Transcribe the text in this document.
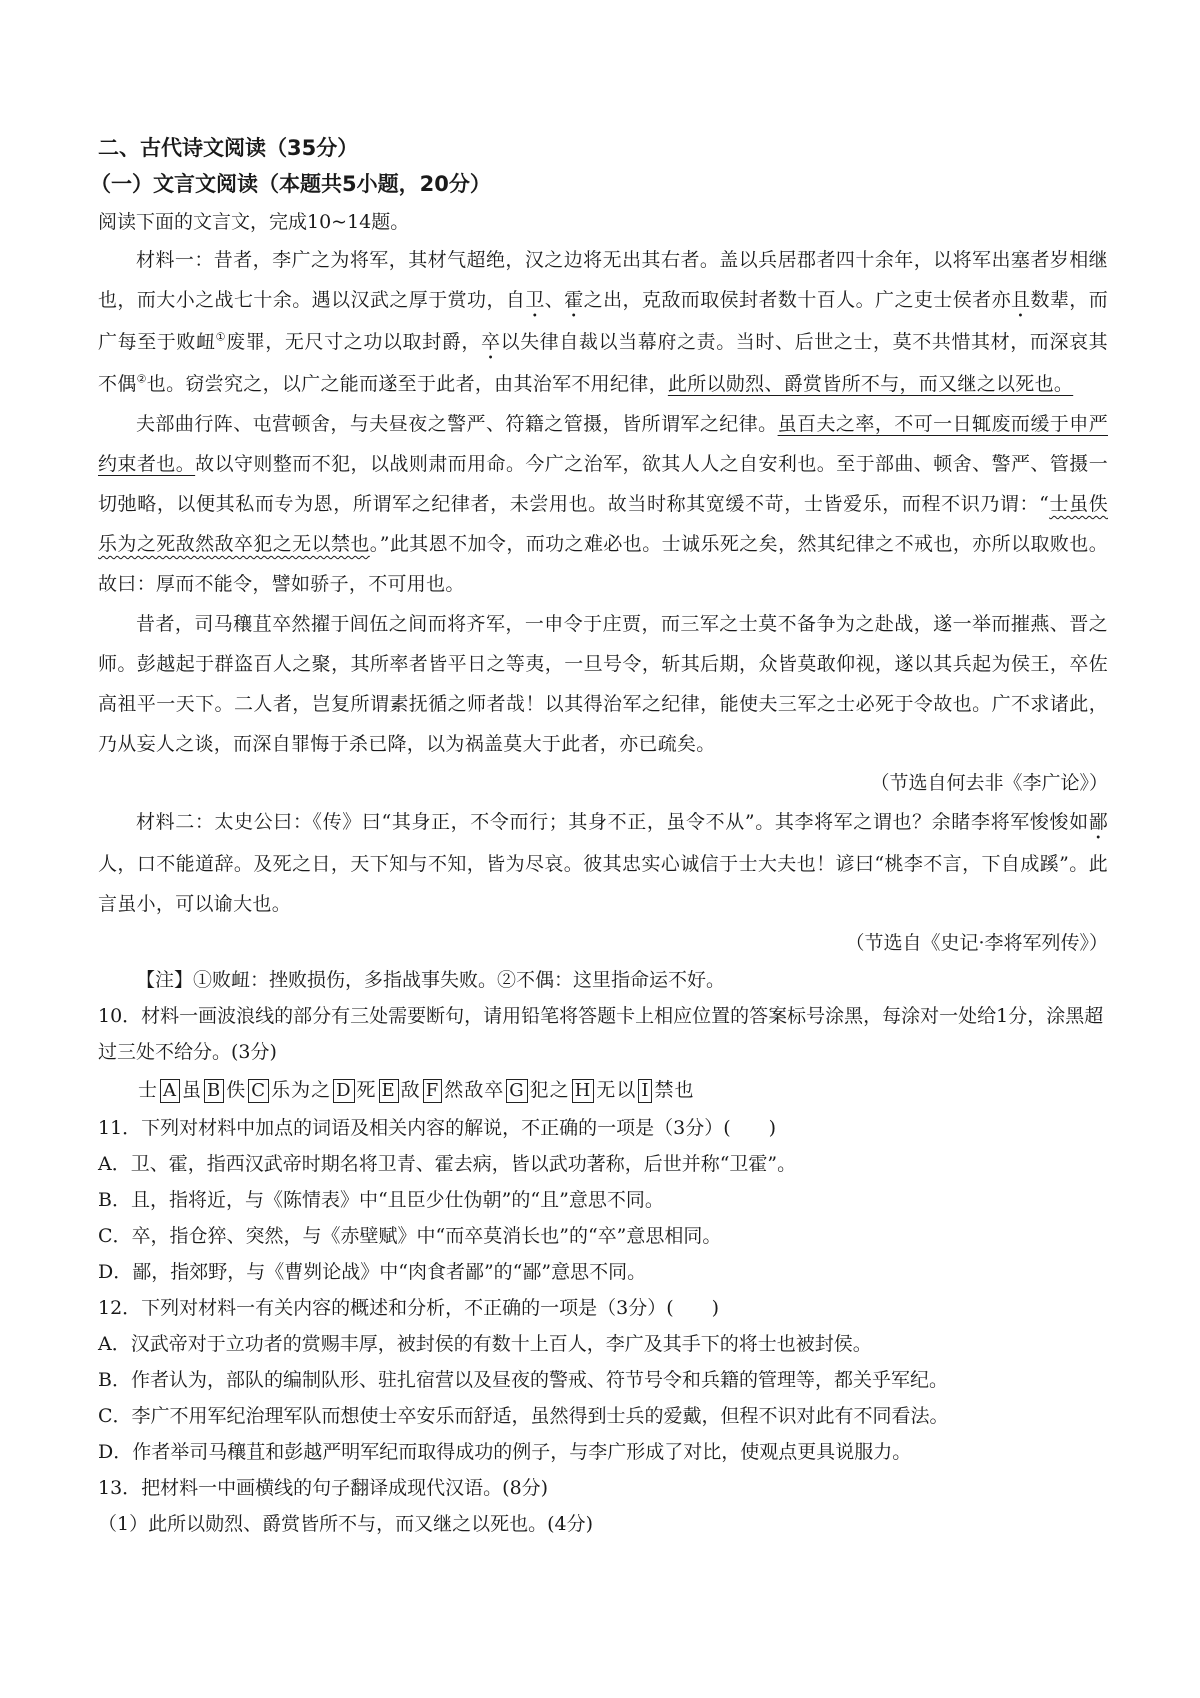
二、古代诗文阅读（35分）
（一）文言文阅读（本题共5小题，20分）

阅读下面的文言文，完成10~14题。

材料一：昔者，李广之为将军，其材气超绝，汉之边将无出其右者。盖以兵居郡者四十余年，以将军出塞者岁相继也，而大小之战七十余。遇以汉武之厚于赏功，自卫、霍之出，克敌而取侯封者数十百人。广之吏士侯者亦且数辈，而广每至于败衄①废罪，无尺寸之功以取封爵，卒以失律自裁以当幕府之责。当时、后世之士，莫不共惜其材，而深哀其不偶②也。窃尝究之，以广之能而遂至于此者，由其治军不用纪律，此所以勋烈、爵赏皆所不与，而又继之以死也。

夫部曲行阵、屯营顿舍，与夫昼夜之警严、符籍之管摄，皆所谓军之纪律。虽百夫之率，不可一日辄废而缓于申严约束者也。故以守则整而不犯，以战则肃而用命。今广之治军，欲其人人之自安利也。至于部曲、顿舍、警严、管摄一切弛略，以便其私而专为恩，所谓军之纪律者，未尝用也。故当时称其宽缓不苛，士皆爱乐，而程不识乃谓：“士虽佚乐为之死敌然敌卒犯之无以禁也。”此其恩不加令，而功之难必也。士诚乐死之矣，然其纪律之不戒也，亦所以取败也。故曰：厚而不能令，譬如骄子，不可用也。

昔者，司马穰苴卒然擢于闾伍之间而将齐军，一申令于庄贾，而三军之士莫不备争为之赴战，遂一举而摧燕、晋之师。彭越起于群盗百人之聚，其所率者皆平日之等夷，一旦号令，斩其后期，众皆莫敢仰视，遂以其兵起为侯王，卒佐高祖平一天下。二人者，岂复所谓素抚循之师者哉！以其得治军之纪律，能使夫三军之士必死于令故也。广不求诸此，乃从妄人之谈，而深自罪悔于杀已降，以为祸盖莫大于此者，亦已疏矣。

（节选自何去非《李广论》）

材料二：太史公曰：《传》曰“其身正，不令而行；其身不正，虽令不从”。其李将军之谓也？余睹李将军悛悛如鄙人，口不能道辞。及死之日，天下知与不知，皆为尽哀。彼其忠实心诚信于士大夫也！谚曰“桃李不言，下自成蹊”。此言虽小，可以谕大也。

（节选自《史记·李将军列传》）

【注】①败衄：挫败损伤，多指战事失败。②不偶：这里指命运不好。

10．材料一画波浪线的部分有三处需要断句，请用铅笔将答题卡上相应位置的答案标号涂黑，每涂对一处给1分，涂黑超过三处不给分。(3分)

士 A 虽 B 佚 C 乐为之 D 死 E 敌 F 然敌卒 G 犯之 H 无以 I 禁也

11．下列对材料中加点的词语及相关内容的解说，不正确的一项是（3分）(　　)

A．卫、霍，指西汉武帝时期名将卫青、霍去病，皆以武功著称，后世并称“卫霍”。

B．且，指将近，与《陈情表》中“且臣少仕伪朝”的“且”意思不同。

C．卒，指仓猝、突然，与《赤壁赋》中“而卒莫消长也”的“卒”意思相同。

D．鄙，指郊野，与《曹刿论战》中“肉食者鄙”的“鄙”意思不同。

12．下列对材料一有关内容的概述和分析，不正确的一项是（3分）(　　)

A．汉武帝对于立功者的赏赐丰厚，被封侯的有数十上百人，李广及其手下的将士也被封侯。

B．作者认为，部队的编制队形、驻扎宿营以及昼夜的警戒、符节号令和兵籍的管理等，都关乎军纪。

C．李广不用军纪治理军队而想使士卒安乐而舒适，虽然得到士兵的爱戴，但程不识对此有不同看法。

D．作者举司马穰苴和彭越严明军纪而取得成功的例子，与李广形成了对比，使观点更具说服力。

13．把材料一中画横线的句子翻译成现代汉语。(8分)

（1）此所以勋烈、爵赏皆所不与，而又继之以死也。(4分)
